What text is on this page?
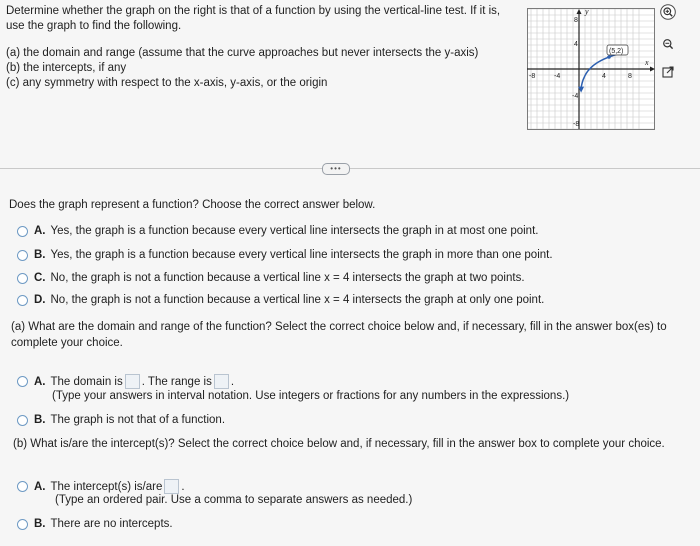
Determine whether the graph on the right is that of a function by using the vertical-line test. If it is,
use the graph to find the following.
(a) the domain and range (assume that the curve approaches but never intersects the y-axis)
(b) the intercepts, if any
(c) any symmetry with respect to the x-axis, y-axis, or the origin
y
x
8
4
-4
-8
-8	-4	4	8
(5,2)
•••
Does the graph represent a function? Choose the correct answer below.
A. Yes, the graph is a function because every vertical line intersects the graph in at most one point.
B. Yes, the graph is a function because every vertical line intersects the graph in more than one point.
C. No, the graph is not a function because a vertical line x = 4 intersects the graph at two points.
D. No, the graph is not a function because a vertical line x = 4 intersects the graph at only one point.
(a) What are the domain and range of the function? Select the correct choice below and, if necessary, fill in the answer box(es) to
complete your choice.
A. The domain is . The range is .
(Type your answers in interval notation. Use integers or fractions for any numbers in the expressions.)
B. The graph is not that of a function.
(b) What is/are the intercept(s)? Select the correct choice below and, if necessary, fill in the answer box to complete your choice.
A. The intercept(s) is/are .
(Type an ordered pair. Use a comma to separate answers as needed.)
B. There are no intercepts.
